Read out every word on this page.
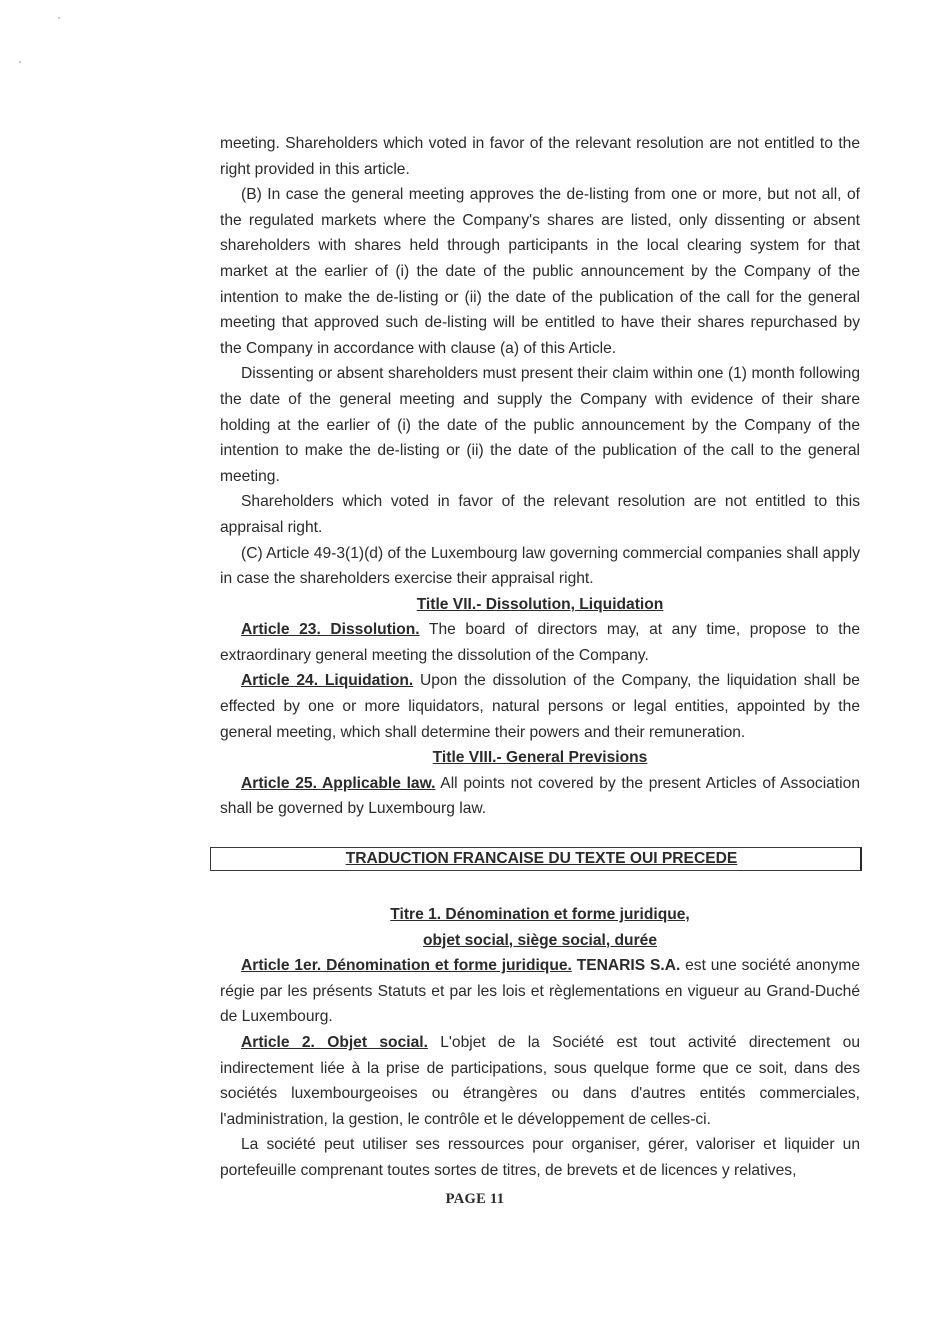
meeting. Shareholders which voted in favor of the relevant resolution are not entitled to the right provided in this article.

(B) In case the general meeting approves the de-listing from one or more, but not all, of the regulated markets where the Company's shares are listed, only dissenting or absent shareholders with shares held through participants in the local clearing system for that market at the earlier of (i) the date of the public announcement by the Company of the intention to make the de-listing or (ii) the date of the publication of the call for the general meeting that approved such de-listing will be entitled to have their shares repurchased by the Company in accordance with clause (a) of this Article.

Dissenting or absent shareholders must present their claim within one (1) month following the date of the general meeting and supply the Company with evidence of their share holding at the earlier of (i) the date of the public announcement by the Company of the intention to make the de-listing or (ii) the date of the publication of the call to the general meeting.

Shareholders which voted in favor of the relevant resolution are not entitled to this appraisal right.

(C) Article 49-3(1)(d) of the Luxembourg law governing commercial companies shall apply in case the shareholders exercise their appraisal right.

Title VII.- Dissolution, Liquidation

Article 23. Dissolution. The board of directors may, at any time, propose to the extraordinary general meeting the dissolution of the Company.

Article 24. Liquidation. Upon the dissolution of the Company, the liquidation shall be effected by one or more liquidators, natural persons or legal entities, appointed by the general meeting, which shall determine their powers and their remuneration.

Title VIII.- General Previsions

Article 25. Applicable law. All points not covered by the present Articles of Association shall be governed by Luxembourg law.

TRADUCTION FRANCAISE DU TEXTE OUI PRECEDE
Titre 1. Dénomination et forme juridique,
objet social, siège social, durée

Article 1er. Dénomination et forme juridique. TENARIS S.A. est une société anonyme régie par les présents Statuts et par les lois et règlementations en vigueur au Grand-Duché de Luxembourg.

Article 2. Objet social. L'objet de la Société est tout activité directement ou indirectement liée à la prise de participations, sous quelque forme que ce soit, dans des sociétés luxembourgeoises ou étrangères ou dans d'autres entités commerciales, l'administration, la gestion, le contrôle et le développement de celles-ci.

La société peut utiliser ses ressources pour organiser, gérer, valoriser et liquider un portefeuille comprenant toutes sortes de titres, de brevets et de licences y relatives,

PAGE 11
